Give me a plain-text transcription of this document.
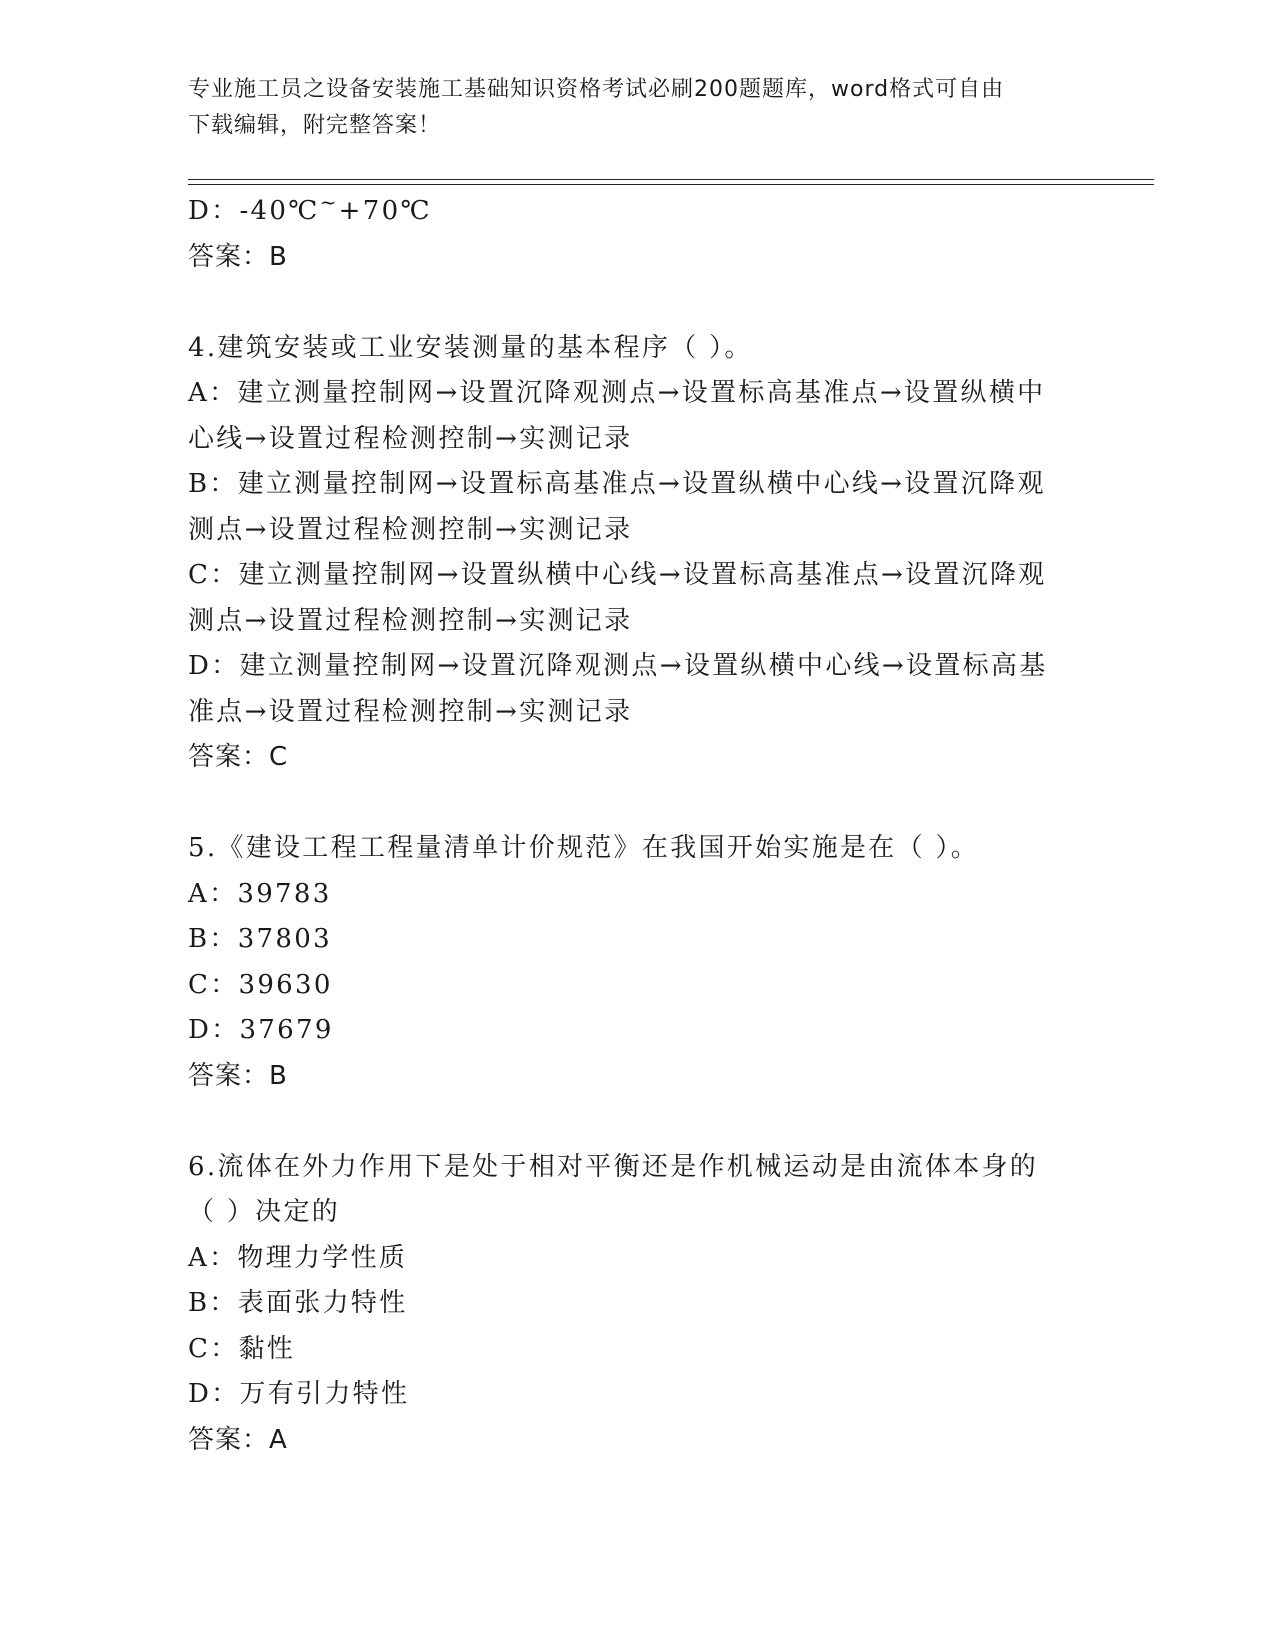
专业施工员之设备安装施工基础知识资格考试必刷200题题库，word格式可自由
下载编辑，附完整答案！
D：-40℃~+70℃
答案：B
4.建筑安装或工业安装测量的基本程序（ ）。
A：建立测量控制网→设置沉降观测点→设置标高基准点→设置纵横中
心线→设置过程检测控制→实测记录
B：建立测量控制网→设置标高基准点→设置纵横中心线→设置沉降观
测点→设置过程检测控制→实测记录
C：建立测量控制网→设置纵横中心线→设置标高基准点→设置沉降观
测点→设置过程检测控制→实测记录
D：建立测量控制网→设置沉降观测点→设置纵横中心线→设置标高基
准点→设置过程检测控制→实测记录
答案：C
5.《建设工程工程量清单计价规范》在我国开始实施是在（ ）。
A：39783
B：37803
C：39630
D：37679
答案：B
6.流体在外力作用下是处于相对平衡还是作机械运动是由流体本身的
（ ）决定的
A：物理力学性质
B：表面张力特性
C：黏性
D：万有引力特性
答案：A
